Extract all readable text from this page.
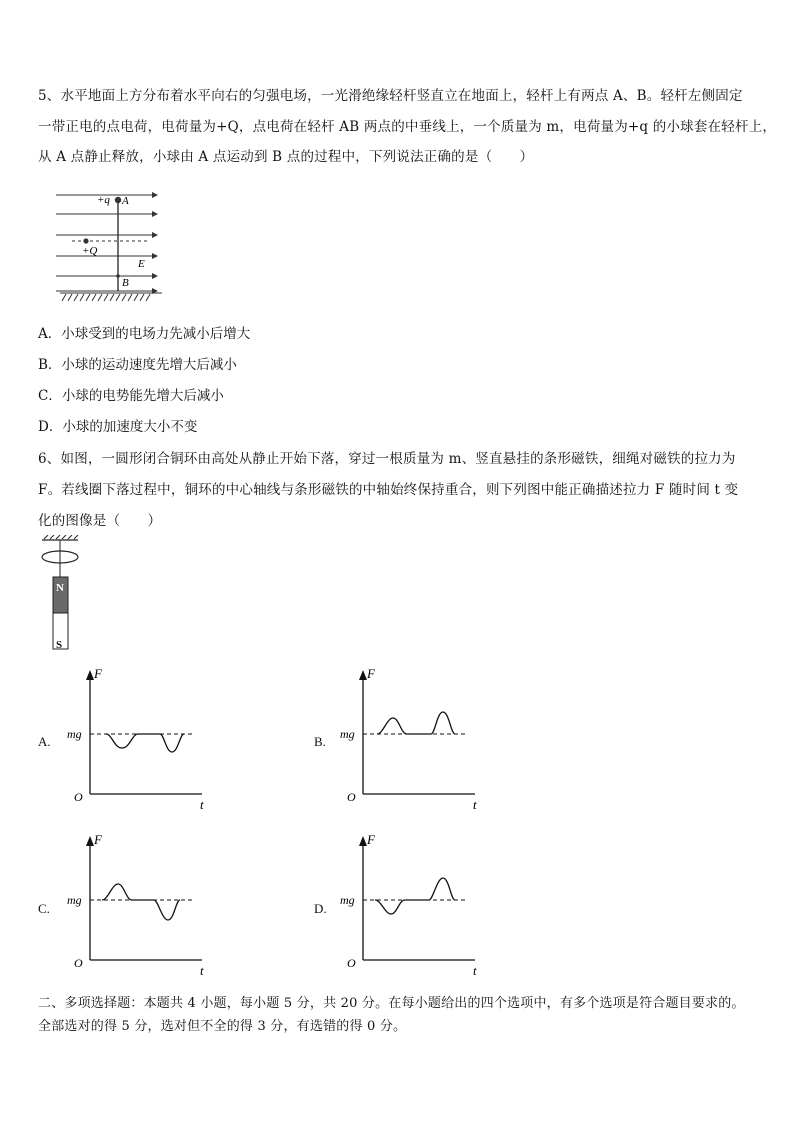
5、水平地面上方分布着水平向右的匀强电场，一光滑绝缘轻杆竖直立在地面上，轻杆上有两点 A、B。轻杆左侧固定
一带正电的点电荷，电荷量为+Q，点电荷在轻杆 AB 两点的中垂线上，一个质量为 m，电荷量为+q 的小球套在轻杆上，
从 A 点静止释放，小球由 A 点运动到 B 点的过程中，下列说法正确的是（　　）
+q A
+Q
E
B
A．小球受到的电场力先减小后增大
B．小球的运动速度先增大后减小
C．小球的电势能先增大后减小
D．小球的加速度大小不变
6、如图，一圆形闭合铜环由高处从静止开始下落，穿过一根质量为 m、竖直悬挂的条形磁铁，细绳对磁铁的拉力为
F。若线圈下落过程中，铜环的中心轴线与条形磁铁的中轴始终保持重合，则下列图中能正确描述拉力 F 随时间 t 变
化的图像是（　　）
N
S
A.
F
mg
O	t
B.
F
mg
O	t
C.
F
mg
O	t
D.
F
mg
O	t
二、多项选择题：本题共 4 小题，每小题 5 分，共 20 分。在每小题给出的四个选项中，有多个选项是符合题目要求的。
全部选对的得 5 分，选对但不全的得 3 分，有选错的得 0 分。
